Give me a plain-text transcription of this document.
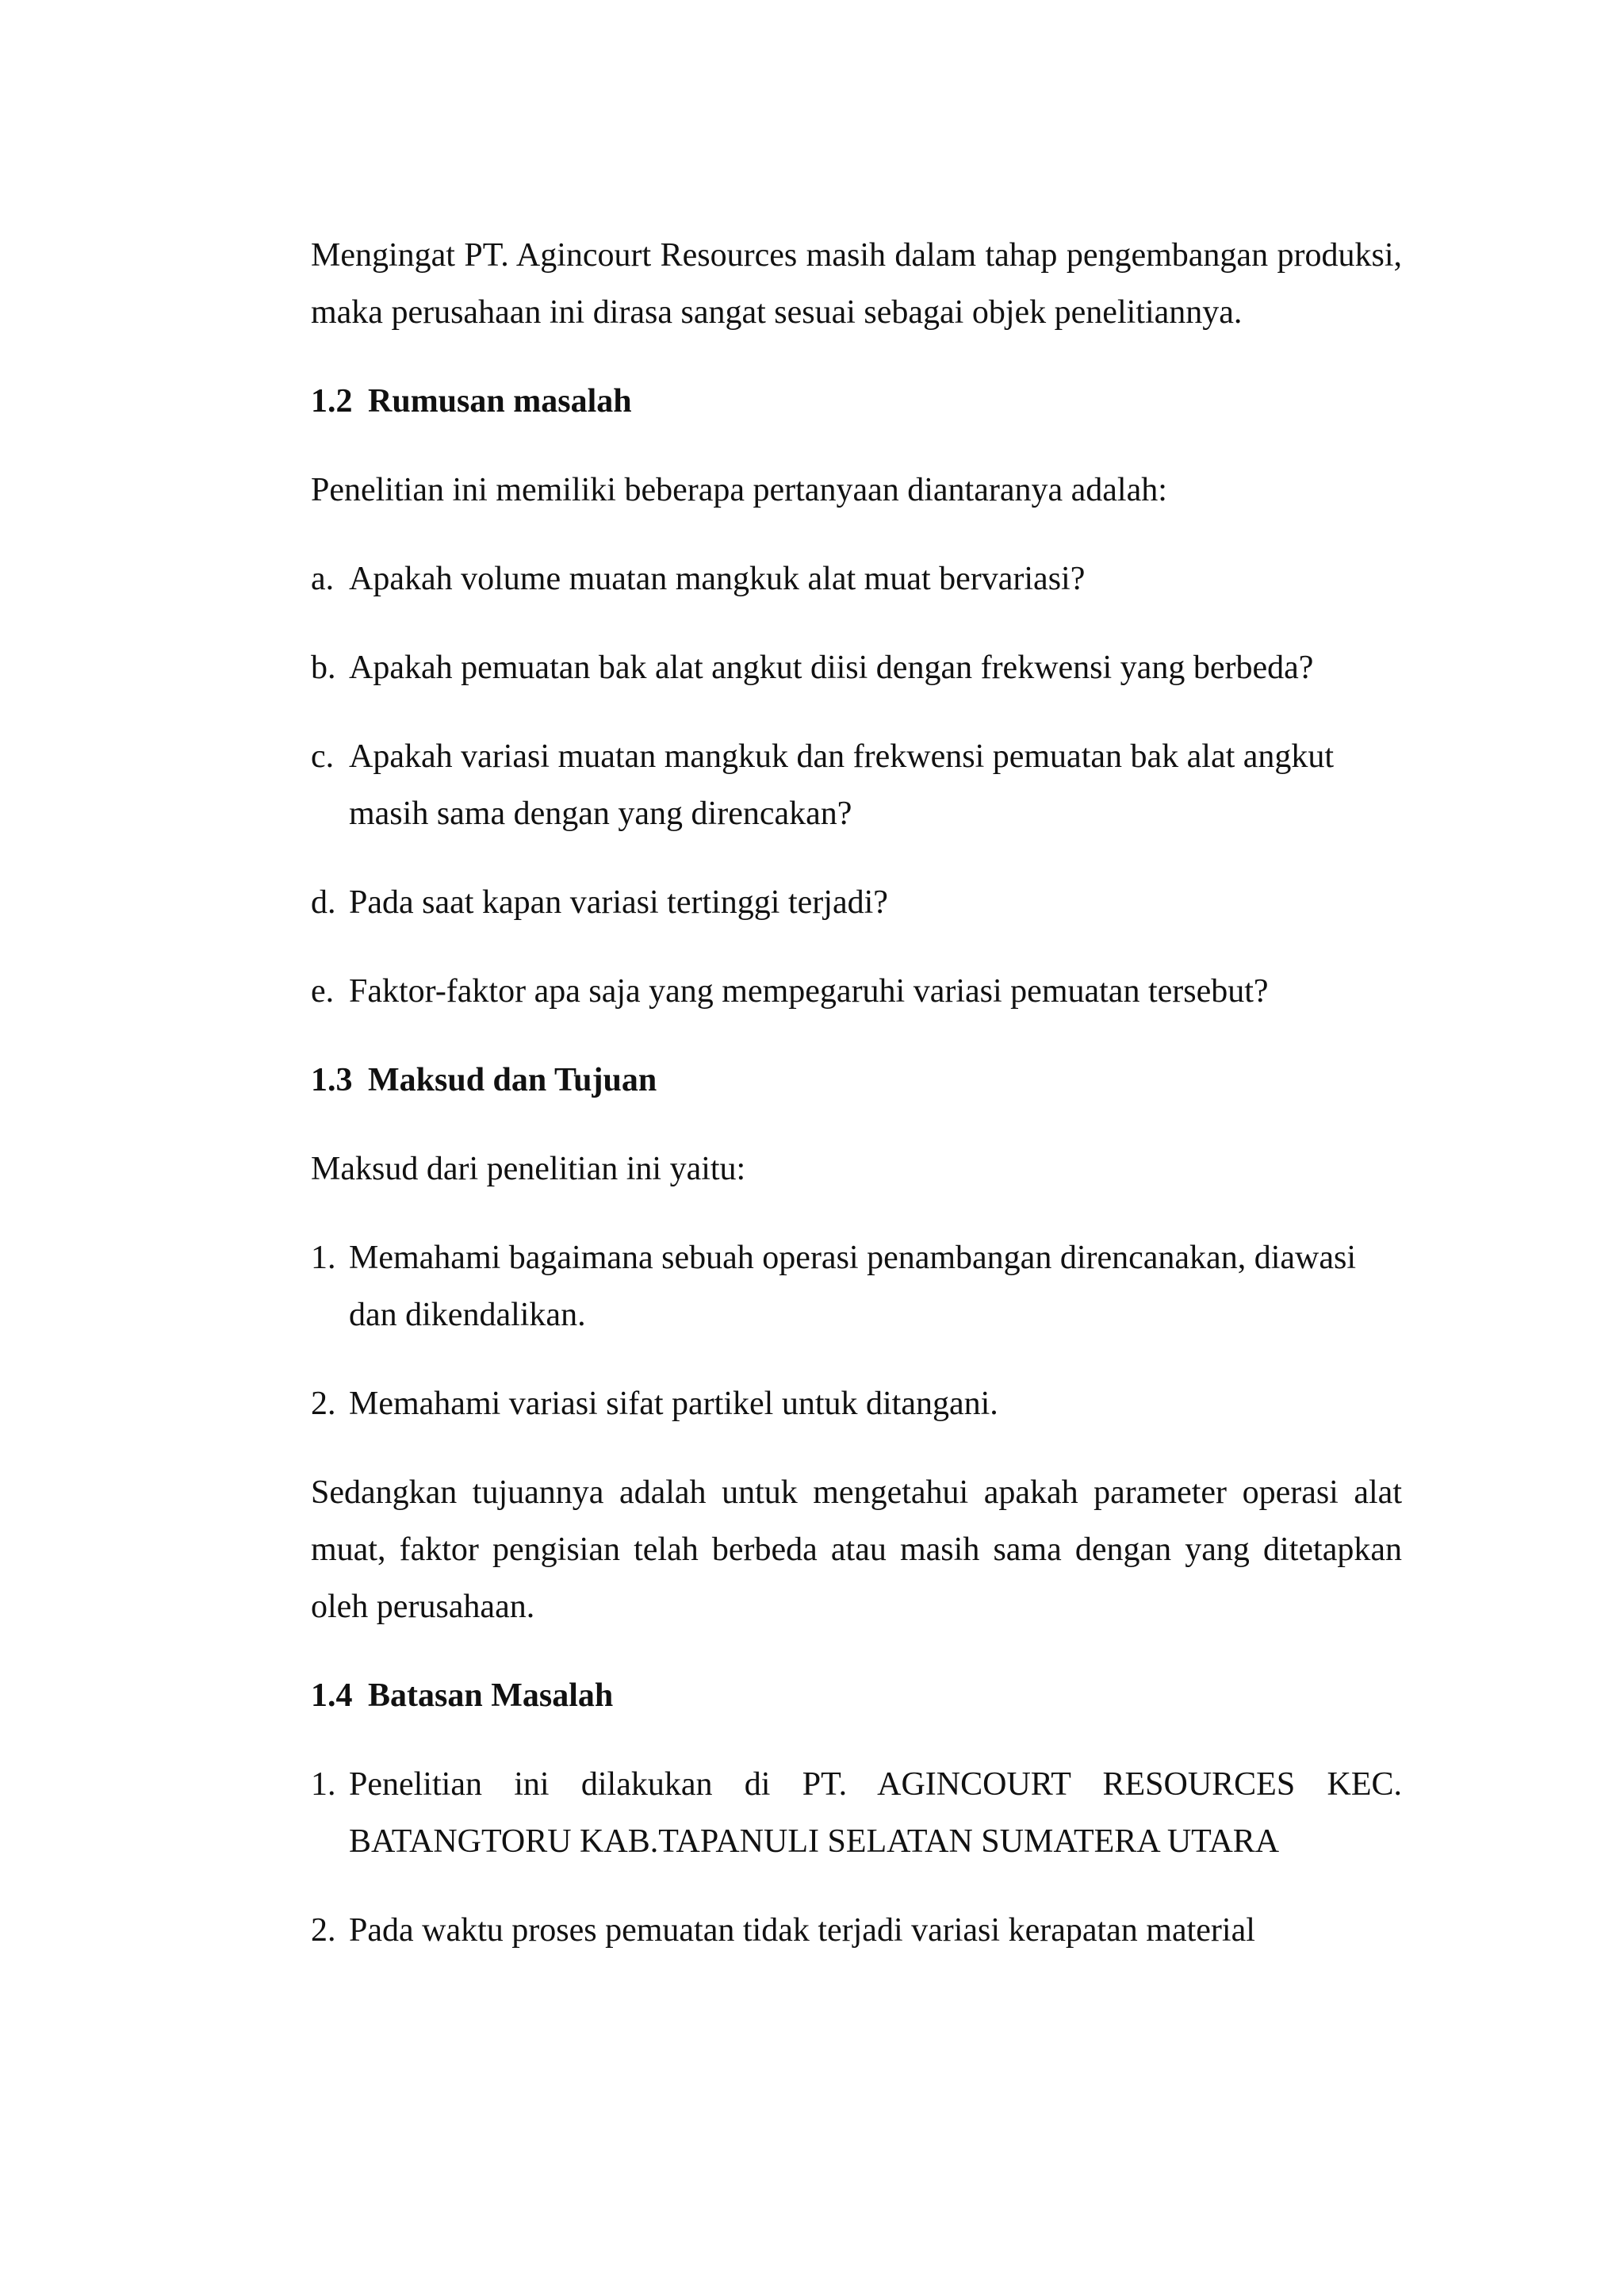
Mengingat PT. Agincourt Resources masih dalam tahap pengembangan produksi,
maka perusahaan ini dirasa sangat sesuai sebagai objek penelitiannya.

1.2 Rumusan masalah

Penelitian ini memiliki beberapa pertanyaan diantaranya adalah:

a. Apakah volume muatan mangkuk alat muat bervariasi?
b. Apakah pemuatan bak alat angkut diisi dengan frekwensi yang berbeda?
c. Apakah variasi muatan mangkuk dan frekwensi pemuatan bak alat angkut
masih sama dengan yang direncakan?
d. Pada saat kapan variasi tertinggi terjadi?
e. Faktor-faktor apa saja yang mempegaruhi variasi pemuatan tersebut?
1.3 Maksud dan Tujuan

Maksud dari penelitian ini yaitu:

1. Memahami bagaimana sebuah operasi penambangan direncanakan, diawasi
dan dikendalikan.
2. Memahami variasi sifat partikel untuk ditangani.

Sedangkan tujuannya adalah untuk mengetahui apakah parameter operasi alat
muat, faktor pengisian telah berbeda atau masih sama dengan yang ditetapkan
oleh perusahaan.

1.4 Batasan Masalah
1. Penelitian ini dilakukan di PT. AGINCOURT RESOURCES KEC.
BATANGTORU KAB.TAPANULI SELATAN SUMATERA UTARA
2. Pada waktu proses pemuatan tidak terjadi variasi kerapatan material
